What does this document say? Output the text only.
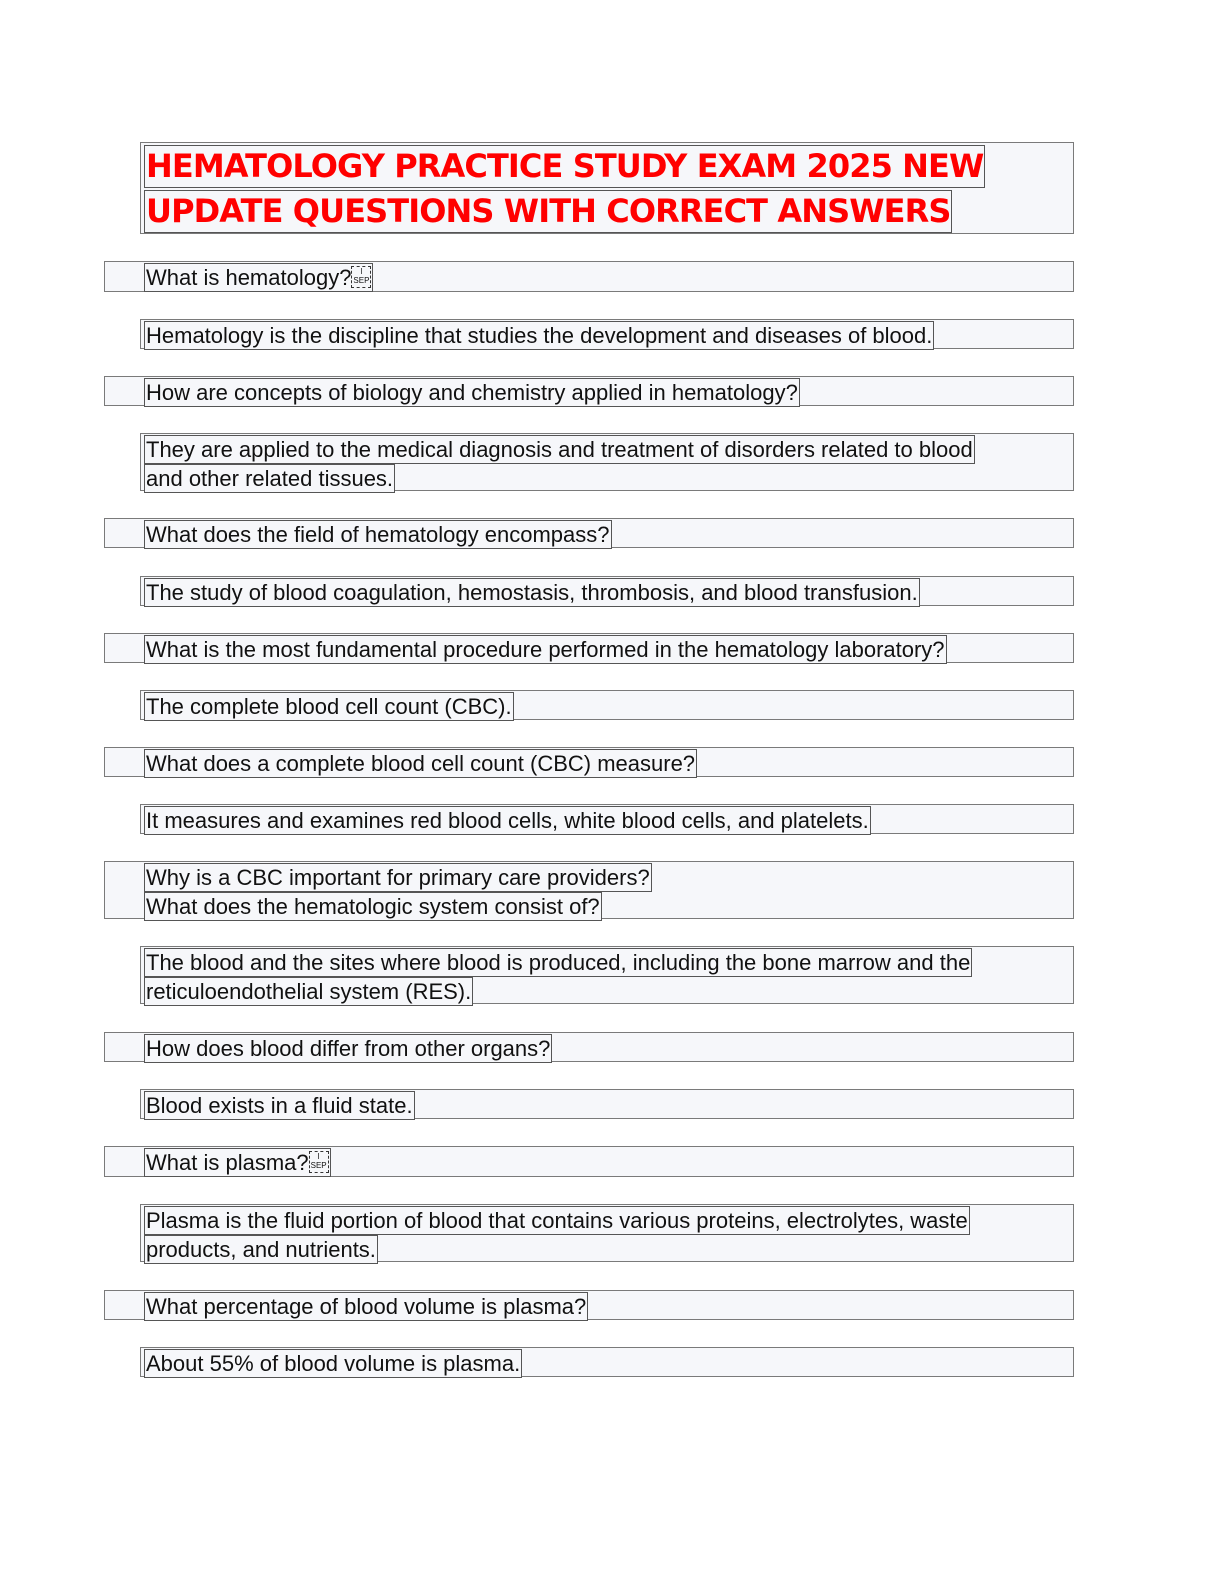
HEMATOLOGY PRACTICE STUDY EXAM 2025 NEW
UPDATE QUESTIONS WITH CORRECT ANSWERS
What is hematology?	l
SEP
Hematology is the discipline that studies the development and diseases of blood.
How are concepts of biology and chemistry applied in hematology?
They are applied to the medical diagnosis and treatment of disorders related to blood
and other related tissues.
What does the field of hematology encompass?
The study of blood coagulation, hemostasis, thrombosis, and blood transfusion.
What is the most fundamental procedure performed in the hematology laboratory?
The complete blood cell count (CBC).
What does a complete blood cell count (CBC) measure?
It measures and examines red blood cells, white blood cells, and platelets.
Why is a CBC important for primary care providers?
What does the hematologic system consist of?
The blood and the sites where blood is produced, including the bone marrow and the
reticuloendothelial system (RES).
How does blood differ from other organs?
Blood exists in a fluid state.
What is plasma?	l
SEP
Plasma is the fluid portion of blood that contains various proteins, electrolytes, waste
products, and nutrients.
What percentage of blood volume is plasma?
About 55% of blood volume is plasma.
